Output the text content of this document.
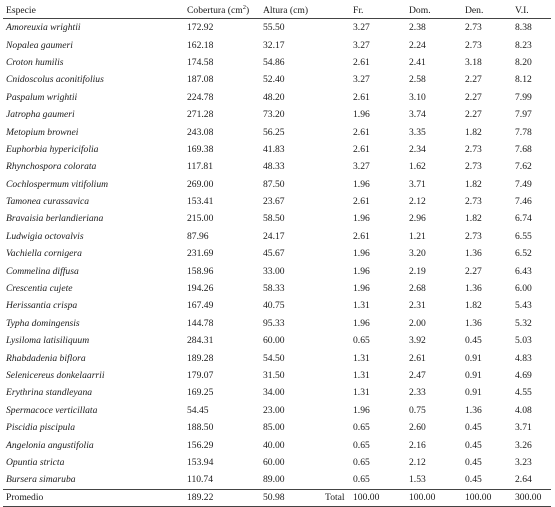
Especie	Cobertura $(cm^2)$	Altura (cm)		Fr.	Dom.	Den.	V.I.
Amoreuxia wrightii	172.92	55.50		3.27	2.38	2.73	8.38
Nopalea gaumeri	162.18	32.17		3.27	2.24	2.73	8.23
Croton humilis	174.58	54.86		2.61	2.41	3.18	8.20
Cnidoscolus aconitifolius	187.08	52.40		3.27	2.58	2.27	8.12
Paspalum wrightii	224.78	48.20		2.61	3.10	2.27	7.99
Jatropha gaumeri	271.28	73.20		1.96	3.74	2.27	7.97
Metopium brownei	243.08	56.25		2.61	3.35	1.82	7.78
Euphorbia hypericifolia	169.38	41.83		2.61	2.34	2.73	7.68
Rhynchospora colorata	117.81	48.33		3.27	1.62	2.73	7.62
Cochlospermum vitifolium	269.00	87.50		1.96	3.71	1.82	7.49
Tamonea curassavica	153.41	23.67		2.61	2.12	2.73	7.46
Bravaisia berlandieriana	215.00	58.50		1.96	2.96	1.82	6.74
Ludwigia octovalvis	87.96	24.17		2.61	1.21	2.73	6.55
Vachiella cornigera	231.69	45.67		1.96	3.20	1.36	6.52
Commelina diffusa	158.96	33.00		1.96	2.19	2.27	6.43
Crescentia cujete	194.26	58.33		1.96	2.68	1.36	6.00
Herissantia crispa	167.49	40.75		1.31	2.31	1.82	5.43
Typha domingensis	144.78	95.33		1.96	2.00	1.36	5.32
Lysiloma latisiliquum	284.31	60.00		0.65	3.92	0.45	5.03
Rhabdadenia biflora	189.28	54.50		1.31	2.61	0.91	4.83
Selenicereus donkelaarrii	179.07	31.50		1.31	2.47	0.91	4.69
Erythrina standleyana	169.25	34.00		1.31	2.33	0.91	4.55
Spermacoce verticillata	54.45	23.00		1.96	0.75	1.36	4.08
Piscidia piscipula	188.50	85.00		0.65	2.60	0.45	3.71
Angelonia angustifolia	156.29	40.00		0.65	2.16	0.45	3.26
Opuntia stricta	153.94	60.00		0.65	2.12	0.45	3.23
Bursera simaruba	110.74	89.00		0.65	1.53	0.45	2.64
Promedio	189.22	50.98	Total	100.00	100.00	100.00	300.00
